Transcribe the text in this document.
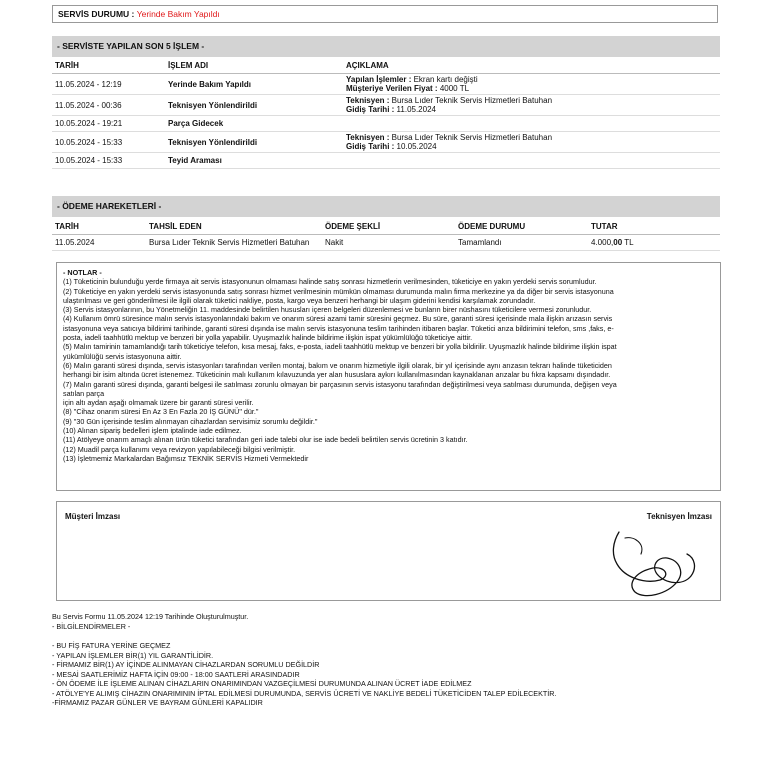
SERVİS DURUMU : Yerinde Bakım Yapıldı
- SERVİSTE YAPILAN SON 5 İŞLEM -
TARİH	İŞLEM ADI	AÇIKLAMA
11.05.2024 - 12:19	Yerinde Bakım Yapıldı	Yapılan İşlemler : Ekran kartı değişti
Müşteriye Verilen Fiyat : 4000 TL

11.05.2024 - 00:36	Teknisyen Yönlendirildi	Teknisyen : Bursa Lıder Teknik Servis Hizmetleri Batuhan
Gidiş Tarihi : 11.05.2024

10.05.2024 - 19:21	Parça Gidecek	
10.05.2024 - 15:33	Teknisyen Yönlendirildi	Teknisyen : Bursa Lıder Teknik Servis Hizmetleri Batuhan
Gidiş Tarihi : 10.05.2024

10.05.2024 - 15:33	Teyid Araması	
- ÖDEME HAREKETLERİ -
TARİH	TAHSİL EDEN	ÖDEME ŞEKLİ	ÖDEME DURUMU	TUTAR
11.05.2024	Bursa Lıder Teknik Servis Hizmetleri Batuhan	Nakit	Tamamlandı	4.000,00 TL
- NOTLAR -
(1) Tüketicinin bulunduğu yerde firmaya ait servis istasyonunun olmaması halinde satış sonrası hizmetlerin verilmesinden, tüketiciye en yakın yerdeki servis sorumludur.
(2) Tüketiciye en yakın yerdeki servis istasyonunda satış sonrası hizmet verilmesinin mümkün olmaması durumunda malın firma merkezine ya da diğer bir servis istasyonuna
ulaştırılması ve geri gönderilmesi ile ilgili olarak tüketici nakliye, posta, kargo veya benzeri herhangi bir ulaşım giderini kendisi karşılamak zorundadır.
(3) Servis istasyonlarının, bu Yönetmeliğin 11. maddesinde belirtilen hususları içeren belgeleri düzenlemesi ve bunların birer nüshasını tüketicilere vermesi zorunludur.
(4) Kullanım ömrü süresince malın servis istasyonlarındaki bakım ve onarım süresi azami tamir süresini geçmez. Bu süre, garanti süresi içerisinde mala ilişkin arızasın servis
istasyonuna veya satıcıya bildirimi tarihinde, garanti süresi dışında ise malın servis istasyonuna teslim tarihinden itibaren başlar. Tüketici arıza bildirimini telefon, sms ,faks, e-
posta, iadeli taahhütlü mektup ve benzeri bir yolla yapabilir. Uyuşmazlık halinde bildirime ilişkin ispat yükümlülüğü tüketiciye aittir.
(5) Malın tamirinin tamamlandığı tarih tüketiciye telefon, kısa mesaj, faks, e-posta, iadeli taahhütlü mektup ve benzeri bir yolla bildirilir. Uyuşmazlık halinde bildirime ilişkin ispat
yükümlülüğü servis istasyonuna aittir.
(6) Malın garanti süresi dışında, servis istasyonları tarafından verilen montaj, bakım ve onarım hizmetiyle ilgili olarak, bir yıl içerisinde aynı arızasın tekrarı halinde tüketiciden
herhangi bir isim altında ücret istenemez. Tüketicinin malı kullanım kılavuzunda yer alan hususlara aykırı kullanılmasından kaynaklanan arızalar bu fıkra kapsamı dışındadır.
(7) Malın garanti süresi dışında, garanti belgesi ile satılması zorunlu olmayan bir parçasının servis istasyonu tarafından değiştirilmesi veya satılması durumunda, değişen veya
satılan parça
için altı aydan aşağı olmamak üzere bir garanti süresi verilir.
(8) "Cihaz onarım süresi En Az 3 En Fazla 20 İŞ GÜNÜ" dür."
(9) "30 Gün içerisinde teslim alınmayan cihazlardan servisimiz sorumlu değildir."
(10) Alınan sipariş bedelleri işlem iptalinde iade edilmez.
(11) Atölyeye onarım amaçlı alınan ürün tüketici tarafından geri iade talebi olur ise iade bedeli belirtilen servis ücretinin 3 katıdır.
(12) Muadil parça kullanımı veya revizyon yapılabileceği bilgisi verilmiştir.
(13) İşletmemiz Markalardan Bağımsız TEKNİK SERVİS Hizmeti Vermektedir
Müşteri İmzası	Teknisyen İmzası
Bu Servis Formu 11.05.2024 12:19 Tarihinde Oluşturulmuştur.
- BİLGİLENDİRMELER -
- BU FİŞ FATURA YERİNE GEÇMEZ
- YAPILAN İŞLEMLER BİR(1) YIL GARANTİLİDİR.
- FİRMAMIZ BİR(1) AY İÇİNDE ALINMAYAN CİHAZLARDAN SORUMLU DEĞİLDİR
- MESAİ SAATLERİMİZ HAFTA İÇİN 09:00 - 18:00 SAATLERİ ARASINDADIR
- ÖN ÖDEME İLE İŞLEME ALINAN CİHAZLARIN ONARIMINDAN VAZGEÇİLMESİ DURUMUNDA ALINAN ÜCRET İADE EDİLMEZ
- ATÖLYE'YE ALIMIŞ CİHAZIN ONARIMININ İPTAL EDİLMESİ DURUMUNDA, SERVİS ÜCRETİ VE NAKLİYE BEDELİ TÜKETİCİDEN TALEP EDİLECEKTİR.
-FİRMAMIZ PAZAR GÜNLER VE BAYRAM GÜNLERİ KAPALIDIR
